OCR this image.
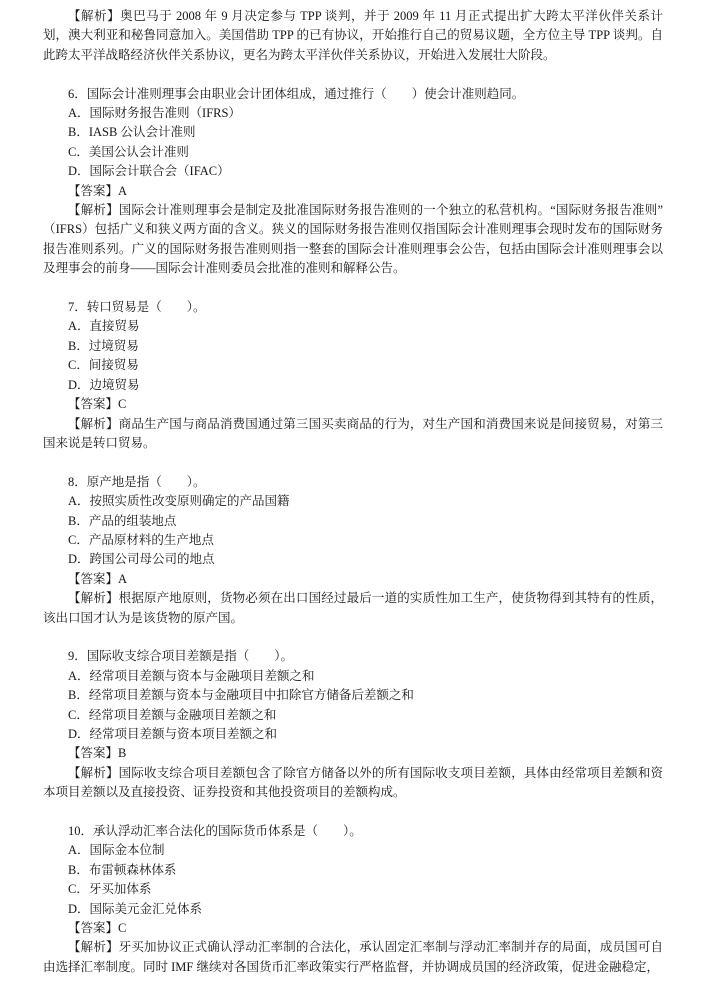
【解析】奥巴马于 2008 年 9 月决定参与 TPP 谈判，并于 2009 年 11 月正式提出扩大跨太平洋伙伴关系计划，澳大利亚和秘鲁同意加入。美国借助 TPP 的已有协议，开始推行自己的贸易议题，全方位主导 TPP 谈判。自此跨太平洋战略经济伙伴关系协议，更名为跨太平洋伙伴关系协议，开始进入发展壮大阶段。

6．国际会计准则理事会由职业会计团体组成，通过推行（　　）使会计准则趋同。

A．国际财务报告准则（IFRS）

B．IASB 公认会计准则

C．美国公认会计准则

D．国际会计联合会（IFAC）

【答案】A

【解析】国际会计准则理事会是制定及批准国际财务报告准则的一个独立的私营机构。“国际财务报告准则”（IFRS）包括广义和狭义两方面的含义。狭义的国际财务报告准则仅指国际会计准则理事会现时发布的国际财务报告准则系列。广义的国际财务报告准则则指一整套的国际会计准则理事会公告，包括由国际会计准则理事会以及理事会的前身——国际会计准则委员会批准的准则和解释公告。

7．转口贸易是（　　）。

A．直接贸易

B．过境贸易

C．间接贸易

D．边境贸易

【答案】C

【解析】商品生产国与商品消费国通过第三国买卖商品的行为，对生产国和消费国来说是间接贸易，对第三国来说是转口贸易。

8．原产地是指（　　）。

A．按照实质性改变原则确定的产品国籍

B．产品的组装地点

C．产品原材料的生产地点

D．跨国公司母公司的地点

【答案】A

【解析】根据原产地原则，货物必须在出口国经过最后一道的实质性加工生产，使货物得到其特有的性质，该出口国才认为是该货物的原产国。

9．国际收支综合项目差额是指（　　）。

A．经常项目差额与资本与金融项目差额之和

B．经常项目差额与资本与金融项目中扣除官方储备后差额之和

C．经常项目差额与金融项目差额之和

D．经常项目差额与资本项目差额之和

【答案】B

【解析】国际收支综合项目差额包含了除官方储备以外的所有国际收支项目差额，具体由经常项目差额和资本项目差额以及直接投资、证券投资和其他投资项目的差额构成。

10．承认浮动汇率合法化的国际货币体系是（　　）。

A．国际金本位制

B．布雷顿森林体系

C．牙买加体系

D．国际美元金汇兑体系

【答案】C

【解析】牙买加协议正式确认浮动汇率制的合法化，承认固定汇率制与浮动汇率制并存的局面，成员国可自由选择汇率制度。同时 IMF 继续对各国货币汇率政策实行严格监督，并协调成员国的经济政策，促进金融稳定，
